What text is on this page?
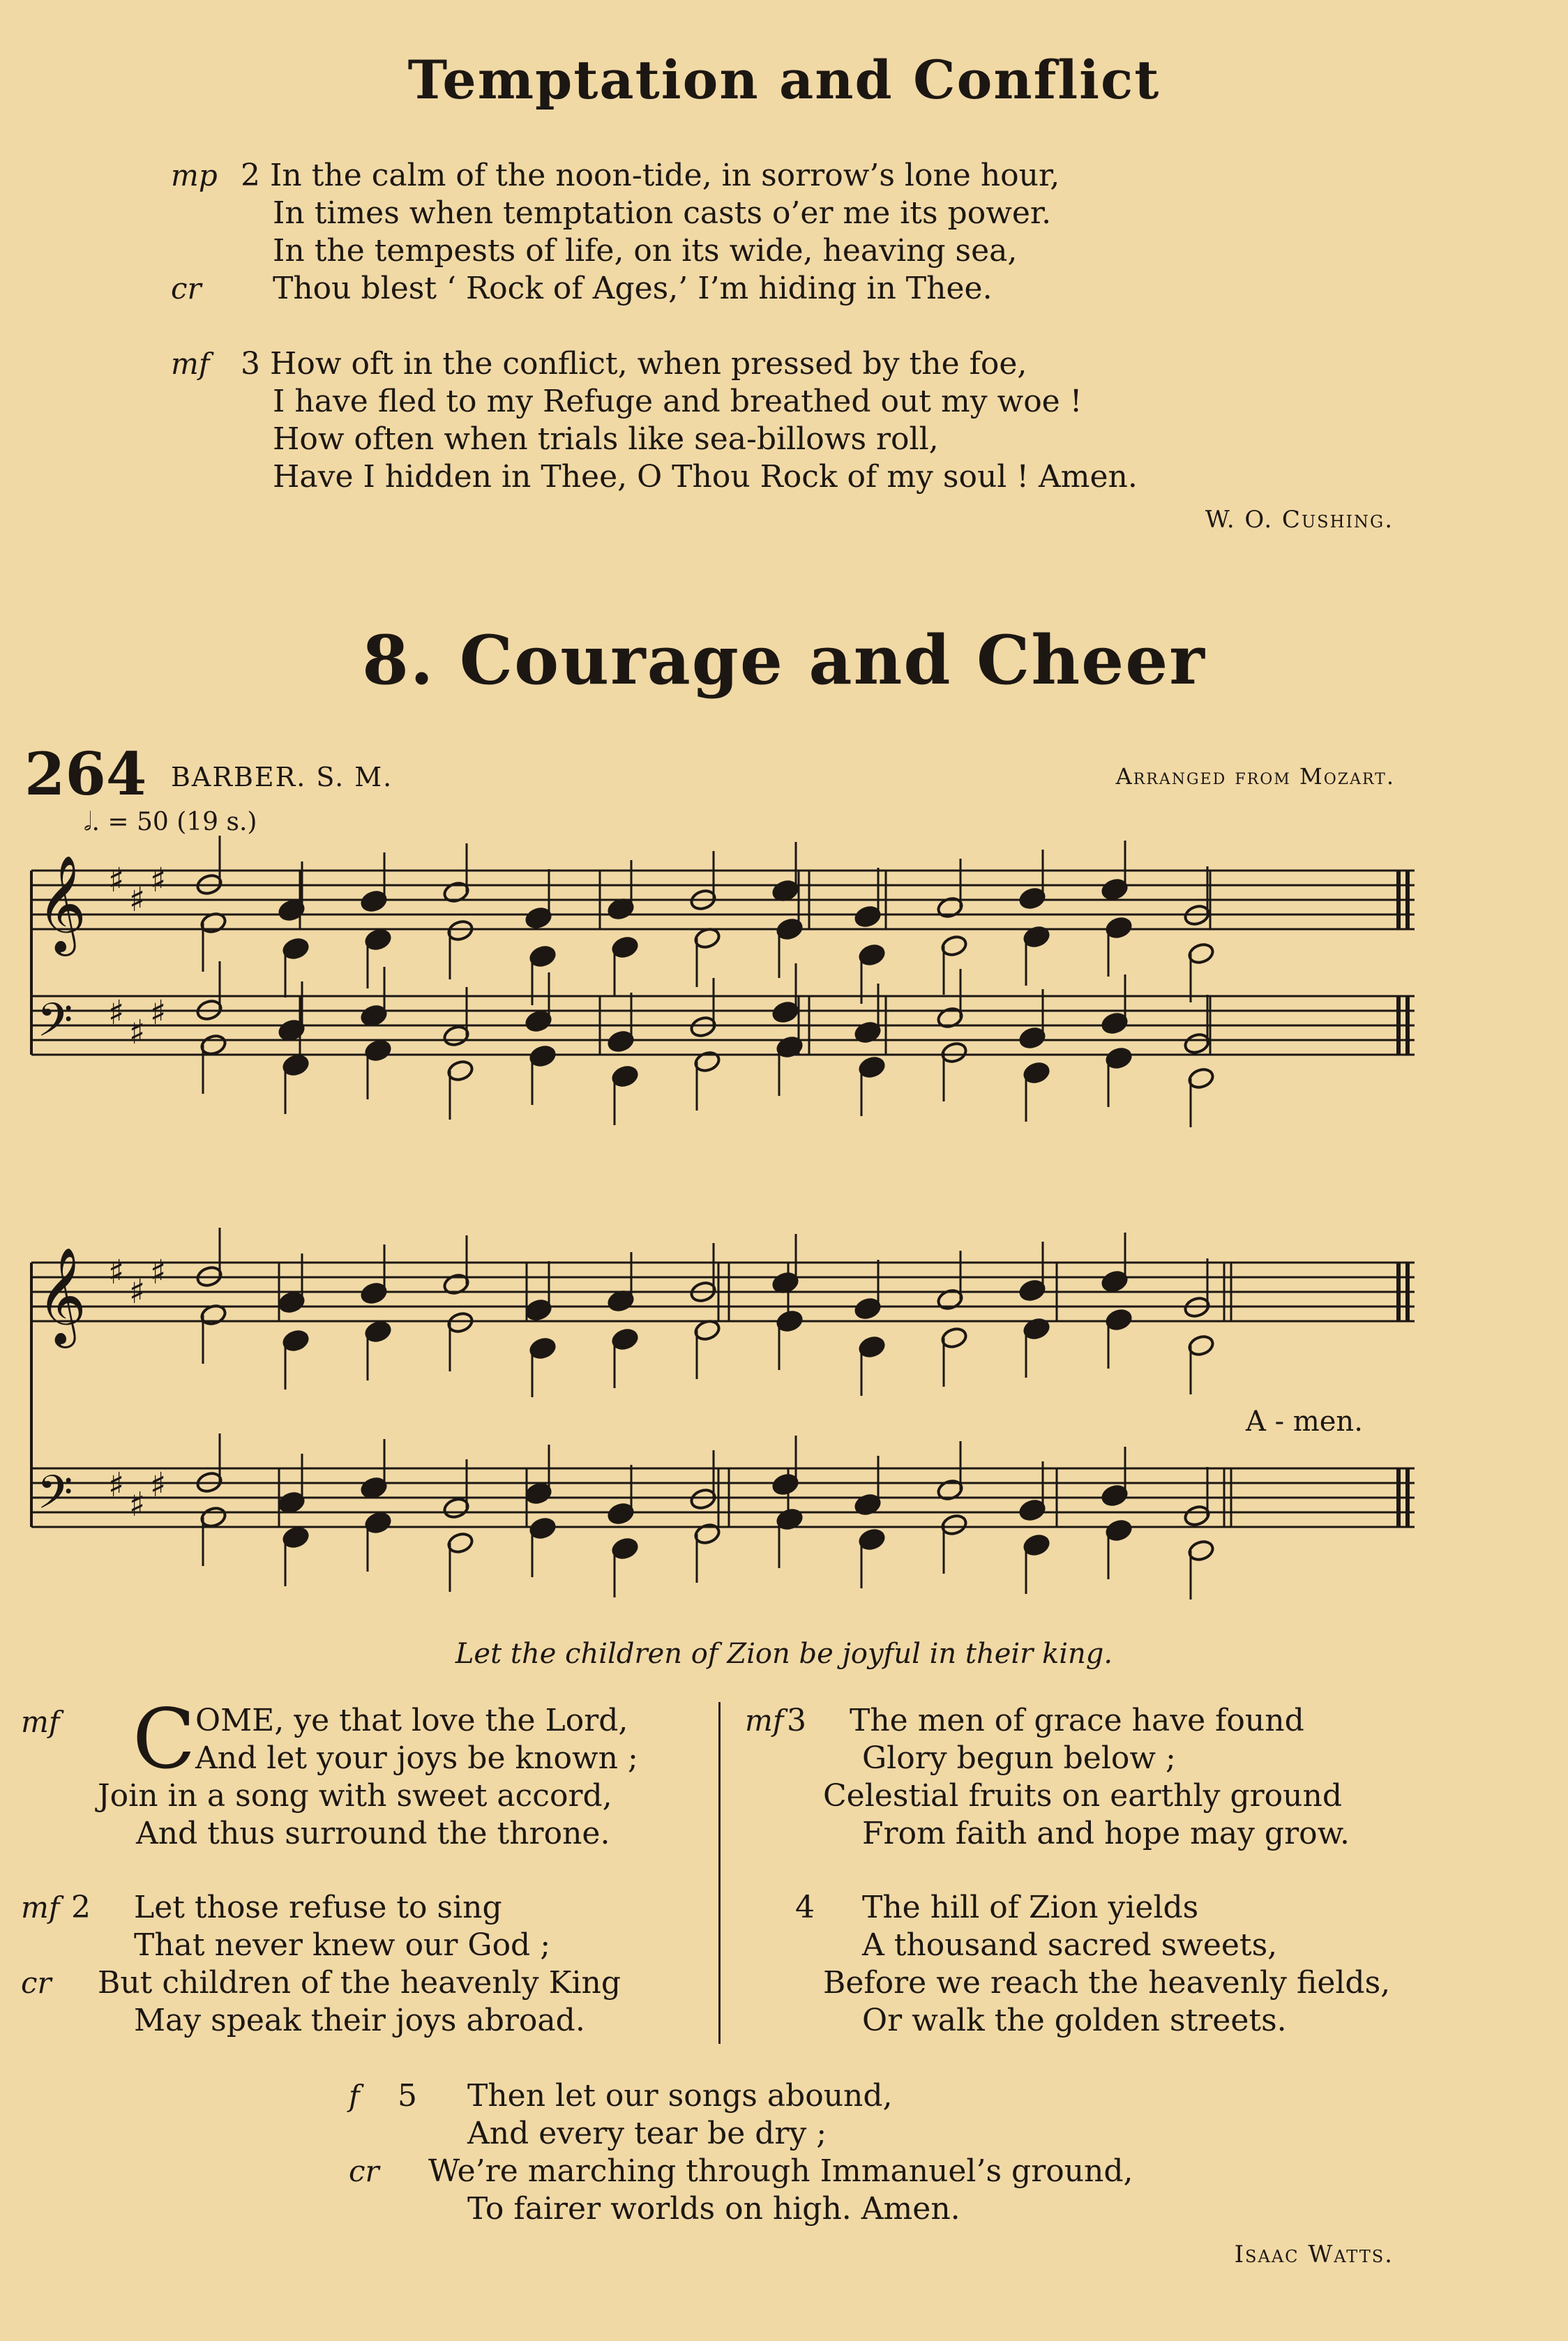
Temptation and Conflict
mp 2 In the calm of the noon-tide, in sorrow’s lone hour,
In times when temptation casts o’er me its power.
In the tempests of life, on its wide, heaving sea,
cr Thou blest ‘ Rock of Ages,’ I’m hiding in Thee.
mf 3 How oft in the conflict, when pressed by the foe,
I have fled to my Refuge and breathed out my woe !
How often when trials like sea-billows roll,
Have I hidden in Thee, O Thou Rock of my soul ! Amen.
W. O. Cushing.
8. Courage and Cheer
264 BARBER. S. M.	Arranged from Mozart.
𝅗𝅥. = 50 (19 s.)
𝄞 ♯ ♯ ♯
𝄢 ♯ ♯ ♯
𝄞 ♯ ♯ ♯
𝄢 ♯ ♯ ♯
A - men.
Let the children of Zion be joyful in their king.
mf C OME, ye that love the Lord,
And let your joys be known ;
Join in a song with sweet accord,
And thus surround the throne.
mf 2 Let those refuse to sing
That never knew our God ;
cr But children of the heavenly King
May speak their joys abroad.
mf 3 The men of grace have found
Glory begun below ;
Celestial fruits on earthly ground
From faith and hope may grow.
4 The hill of Zion yields
A thousand sacred sweets,
Before we reach the heavenly fields,
Or walk the golden streets.
f 5 Then let our songs abound,
And every tear be dry ;
cr We’re marching through Immanuel’s ground,
To fairer worlds on high. Amen.
Isaac Watts.
